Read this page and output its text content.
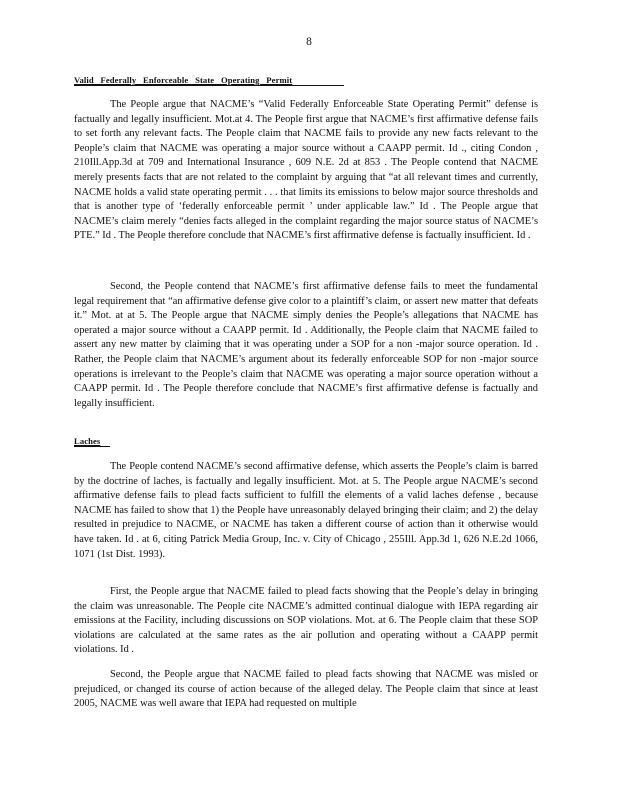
8
Valid   Federally   Enforceable   State   Operating   Permit

The People argue that NACME’s “Valid Federally Enforceable State Operating Permit” defense is factually and legally insufficient. Mot.at 4. The People first argue that NACME’s first affirmative defense fails to set forth any relevant facts. The People claim that NACME fails to provide any new facts relevant to the People’s claim that NACME was operating a major source without a CAAPP permit. Id ., citing Condon , 210Ill.App.3d at 709 and International Insurance , 609 N.E. 2d at 853 . The People contend that NACME merely presents facts that are not related to the complaint by arguing that “at all relevant times and currently, NACME holds a valid state operating permit . . . that limits its emissions to below major source thresholds and that is another type of ‘federally enforceable permit ’ under applicable law.” Id . The People argue that NACME’s claim merely “denies facts alleged in the complaint regarding the major source status of NACME’s PTE.” Id . The People therefore conclude that NACME’s first affirmative defense is factually insufficient. Id .

Second, the People contend that NACME’s first affirmative defense fails to meet the fundamental legal requirement that “an affirmative defense give color to a plaintiff’s claim, or assert new matter that defeats it.” Mot. at at 5. The People argue that NACME simply denies the People’s allegations that NACME has operated a major source without a CAAPP permit. Id . Additionally, the People claim that NACME failed to assert any new matter by claiming that it was operating under a SOP for a non -major source operation. Id . Rather, the People claim that NACME’s argument about its federally enforceable SOP for non -major source operations is irrelevant to the People’s claim that NACME was operating a major source operation without a CAAPP permit. Id . The People therefore conclude that NACME’s first affirmative defense is factually and legally insufficient.

Laches

The People contend NACME’s second affirmative defense, which asserts the People’s claim is barred by the doctrine of laches, is factually and legally insufficient. Mot. at 5. The People argue NACME’s second affirmative defense fails to plead facts sufficient to fulfill the elements of a valid laches defense , because NACME has failed to show that 1) the People have unreasonably delayed bringing their claim; and 2) the delay resulted in prejudice to NACME, or NACME has taken a different course of action than it otherwise would have taken. Id . at 6, citing Patrick Media Group, Inc. v. City of Chicago , 255Ill. App.3d 1, 626 N.E.2d 1066, 1071 (1st Dist. 1993).

First, the People argue that NACME failed to plead facts showing that the People’s delay in bringing the claim was unreasonable. The People cite NACME’s admitted continual dialogue with IEPA regarding air emissions at the Facility, including discussions on SOP violations. Mot. at 6. The People claim that these SOP violations are calculated at the same rates as the air pollution and operating without a CAAPP permit violations. Id .

Second, the People argue that NACME failed to plead facts showing that NACME was misled or prejudiced, or changed its course of action because of the alleged delay. The People claim that since at least 2005, NACME was well aware that IEPA had requested on multiple
